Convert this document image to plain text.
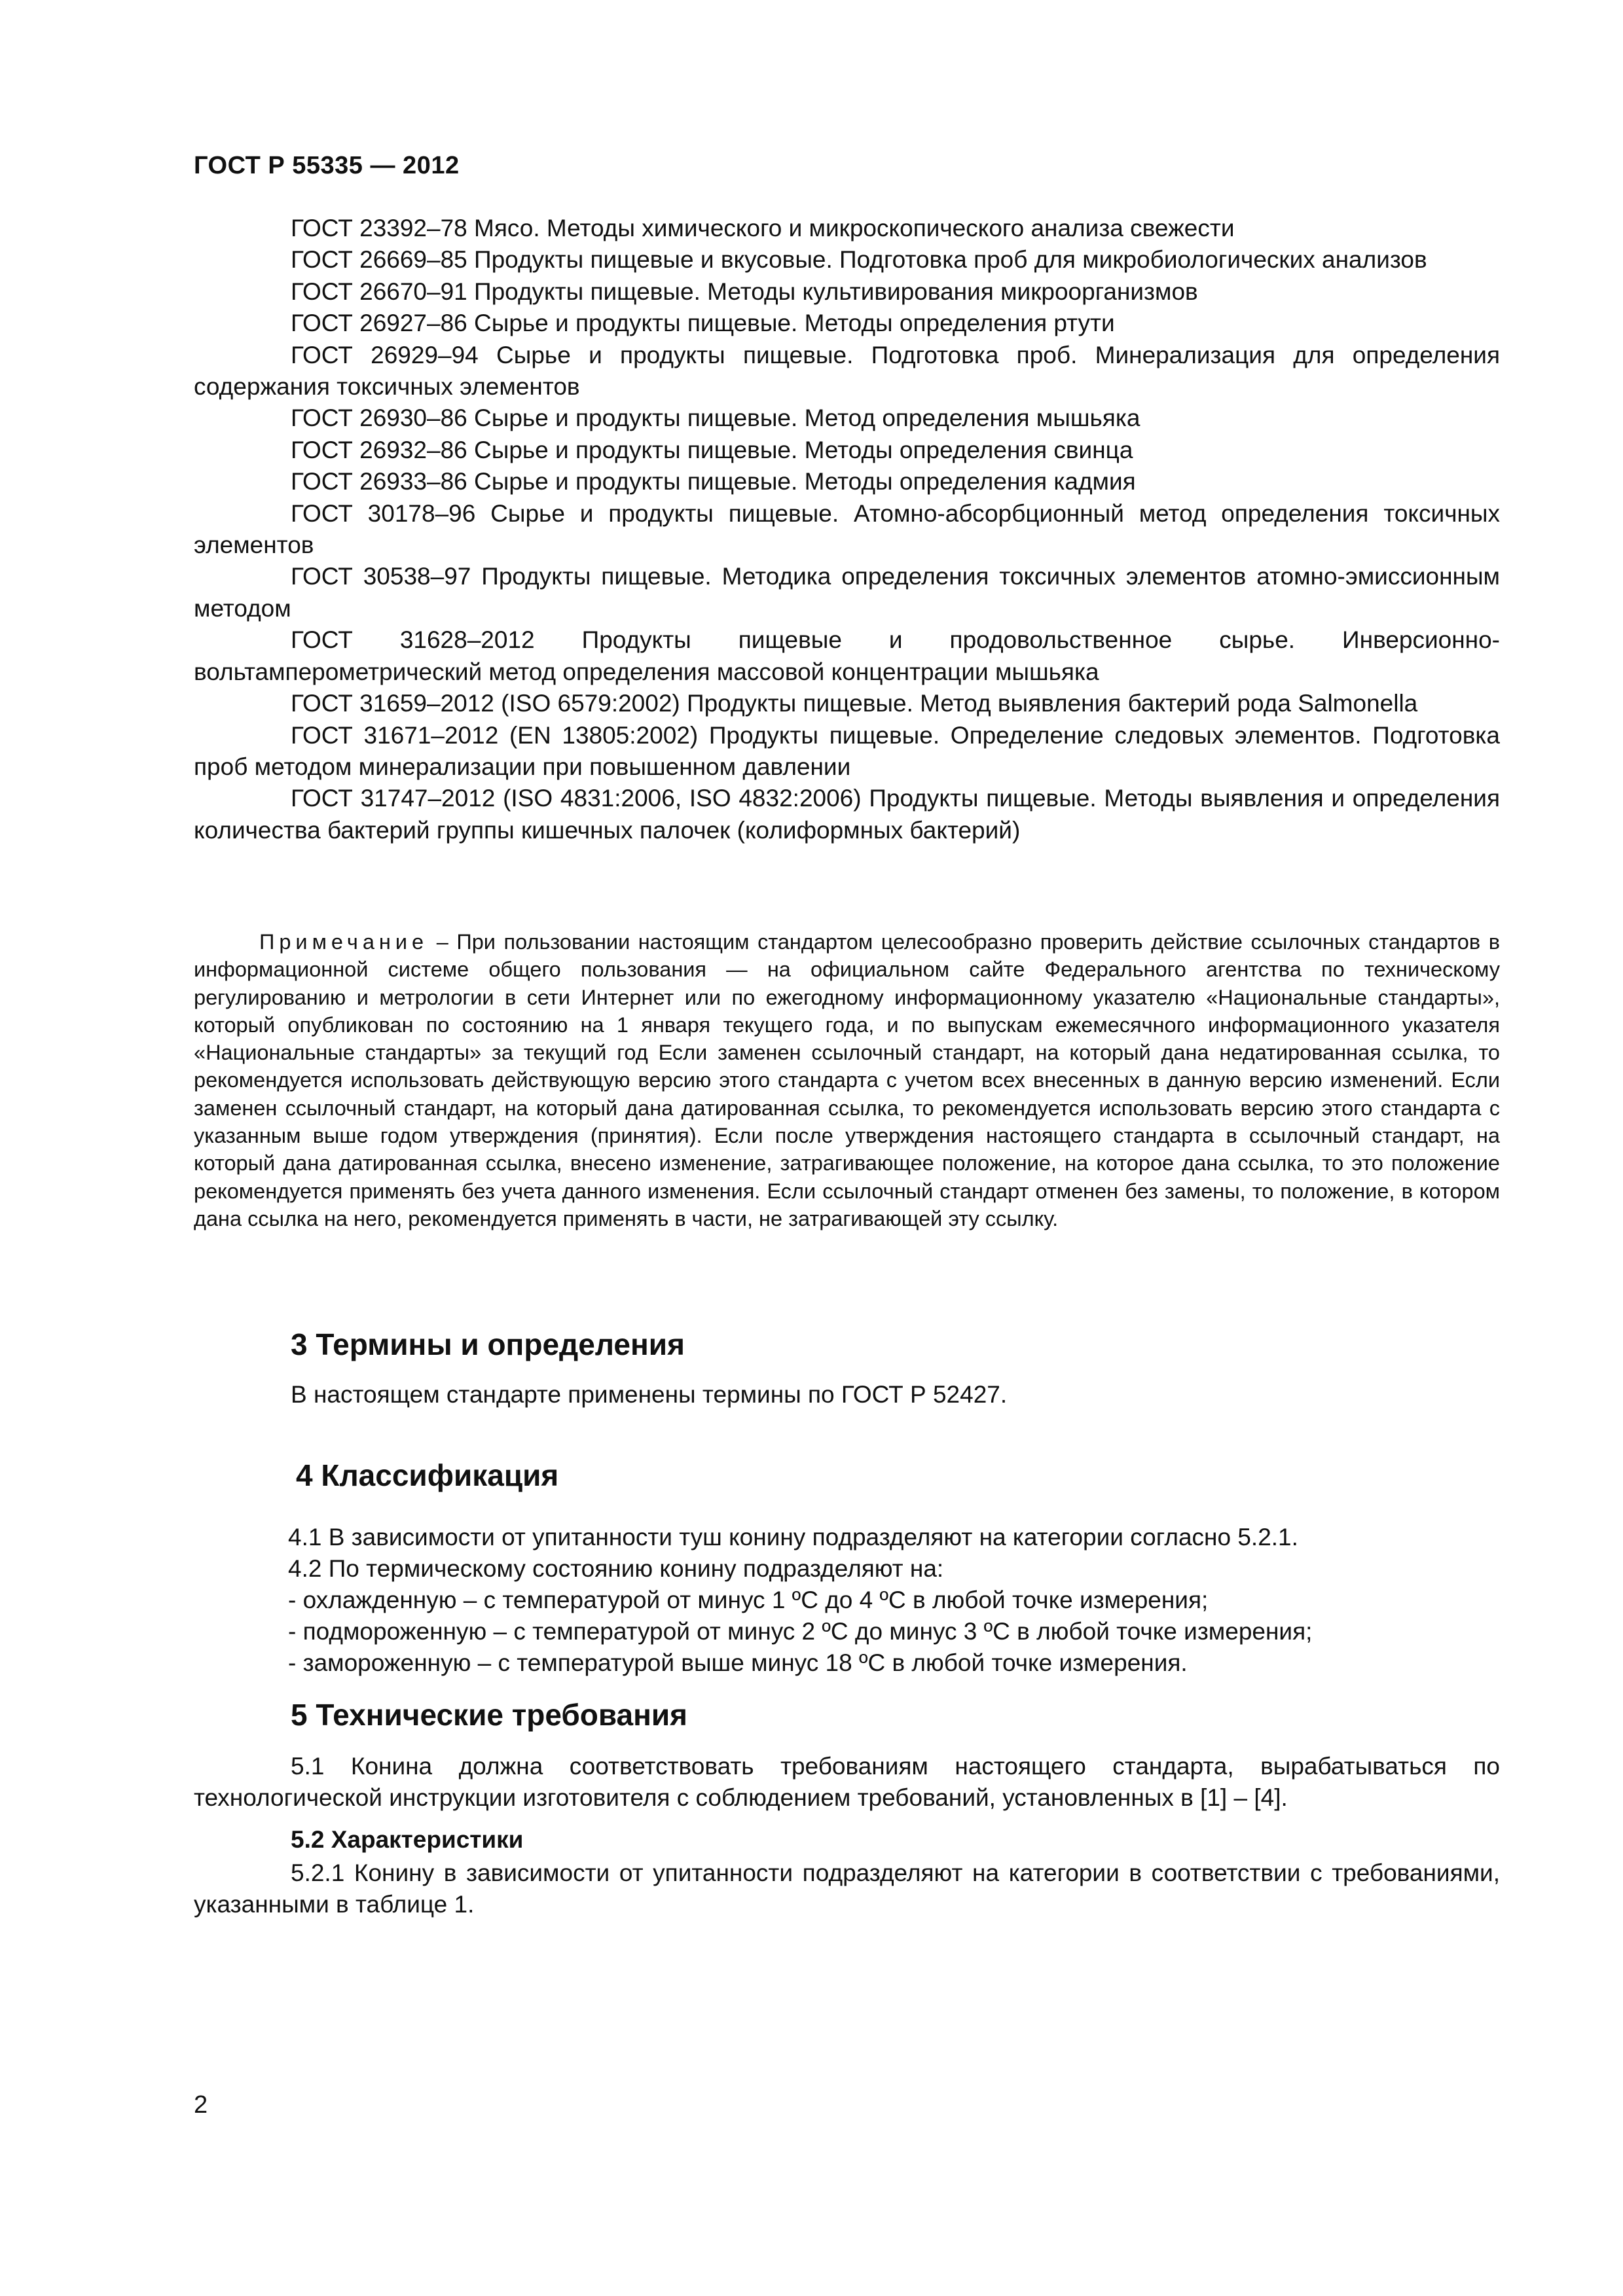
ГОСТ Р 55335 — 2012

ГОСТ 23392–78 Мясо. Методы химического и микроскопического анализа свежести

ГОСТ 26669–85 Продукты пищевые и вкусовые. Подготовка проб для микробиологических анализов

ГОСТ 26670–91 Продукты пищевые. Методы культивирования микроорганизмов

ГОСТ 26927–86 Сырье и продукты пищевые. Методы определения ртути

ГОСТ 26929–94 Сырье и продукты пищевые. Подготовка проб. Минерализация для определения содержания токсичных элементов

ГОСТ 26930–86 Сырье и продукты пищевые. Метод определения мышьяка

ГОСТ 26932–86 Сырье и продукты пищевые. Методы определения свинца

ГОСТ 26933–86 Сырье и продукты пищевые. Методы определения кадмия

ГОСТ 30178–96 Сырье и продукты пищевые. Атомно-абсорбционный метод определения токсичных элементов

ГОСТ 30538–97 Продукты пищевые. Методика определения токсичных элементов атомно-эмиссионным методом

ГОСТ 31628–2012 Продукты пищевые и продовольственное сырье. Инверсионно-вольтамперометрический метод определения массовой концентрации мышьяка

ГОСТ 31659–2012 (ISO 6579:2002) Продукты пищевые. Метод выявления бактерий рода Salmonella

ГОСТ 31671–2012 (EN 13805:2002) Продукты пищевые. Определение следовых элементов. Подготовка проб методом минерализации при повышенном давлении

ГОСТ 31747–2012 (ISO 4831:2006, ISO 4832:2006) Продукты пищевые. Методы выявления и определения количества бактерий группы кишечных палочек (колиформных бактерий)

Примечание – При пользовании настоящим стандартом целесообразно проверить действие ссылочных стандартов в информационной системе общего пользования — на официальном сайте Федерального агентства по техническому регулированию и метрологии в сети Интернет или по ежегодному информационному указателю «Национальные стандарты», который опубликован по состоянию на 1 января текущего года, и по выпускам ежемесячного информационного указателя «Национальные стандарты» за текущий год Если заменен ссылочный стандарт, на который дана недатированная ссылка, то рекомендуется использовать действующую версию этого стандарта с учетом всех внесенных в данную версию изменений. Если заменен ссылочный стандарт, на который дана датированная ссылка, то рекомендуется использовать версию этого стандарта с указанным выше годом утверждения (принятия). Если после утверждения настоящего стандарта в ссылочный стандарт, на который дана датированная ссылка, внесено изменение, затрагивающее положение, на которое дана ссылка, то это положение рекомендуется применять без учета данного изменения. Если ссылочный стандарт отменен без замены, то положение, в котором дана ссылка на него, рекомендуется применять в части, не затрагивающей эту ссылку.

3 Термины и определения

В настоящем стандарте применены термины по ГОСТ Р 52427.

4 Классификация
4.1 В зависимости от упитанности туш конину подразделяют на категории согласно 5.2.1.
4.2 По термическому состоянию конину подразделяют на:
- охлажденную – с температурой от минус 1 ºС до 4 ºС в любой точке измерения;
- подмороженную – с температурой от минус 2 ºС до минус 3 ºС в любой точке измерения;
- замороженную – с температурой выше минус 18 ºС в любой точке измерения.
5 Технические требования

5.1 Конина должна соответствовать требованиям настоящего стандарта, вырабатываться по технологической инструкции изготовителя с соблюдением требований, установленных в [1] – [4].

5.2 Характеристики

5.2.1 Конину в зависимости от упитанности подразделяют на категории в соответствии с требованиями, указанными в таблице 1.

2
